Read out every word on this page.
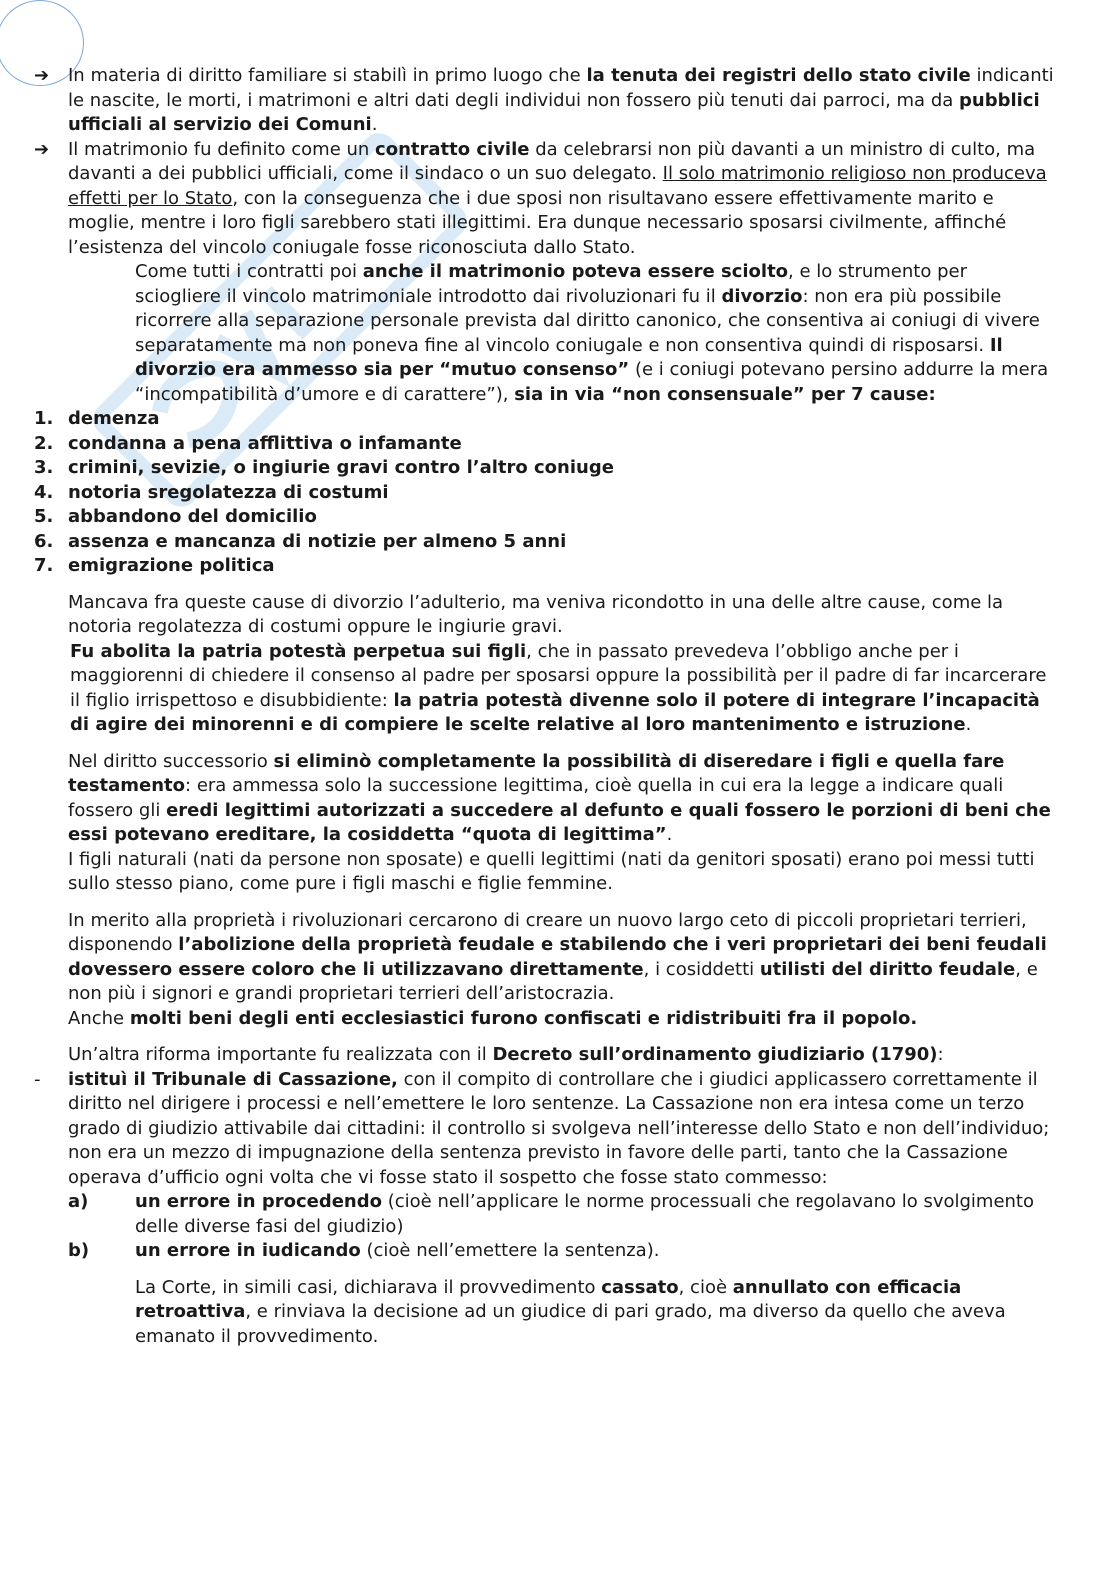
➔ In materia di diritto familiare si stabilì in primo luogo che la tenuta dei registri dello stato civile indicanti le nascite, le morti, i matrimoni e altri dati degli individui non fossero più tenuti dai parroci, ma da pubblici ufficiali al servizio dei Comuni.
➔ Il matrimonio fu definito come un contratto civile da celebrarsi non più davanti a un ministro di culto, ma davanti a dei pubblici ufficiali, come il sindaco o un suo delegato. Il solo matrimonio religioso non produceva effetti per lo Stato, con la conseguenza che i due sposi non risultavano essere effettivamente marito e moglie, mentre i loro figli sarebbero stati illegittimi. Era dunque necessario sposarsi civilmente, affinché l’esistenza del vincolo coniugale fosse riconosciuta dallo Stato.
Come tutti i contratti poi anche il matrimonio poteva essere sciolto, e lo strumento per sciogliere il vincolo matrimoniale introdotto dai rivoluzionari fu il divorzio: non era più possibile ricorrere alla separazione personale prevista dal diritto canonico, che consentiva ai coniugi di vivere separatamente ma non poneva fine al vincolo coniugale e non consentiva quindi di risposarsi. Il divorzio era ammesso sia per “mutuo consenso” (e i coniugi potevano persino addurre la mera “incompatibilità d’umore e di carattere”), sia in via “non consensuale” per 7 cause:
1. demenza
2. condanna a pena afflittiva o infamante
3. crimini, sevizie, o ingiurie gravi contro l’altro coniuge
4. notoria sregolatezza di costumi
5. abbandono del domicilio
6. assenza e mancanza di notizie per almeno 5 anni
7. emigrazione politica
Mancava fra queste cause di divorzio l’adulterio, ma veniva ricondotto in una delle altre cause, come la notoria regolatezza di costumi oppure le ingiurie gravi.
Fu abolita la patria potestà perpetua sui figli, che in passato prevedeva l’obbligo anche per i maggiorenni di chiedere il consenso al padre per sposarsi oppure la possibilità per il padre di far incarcerare il figlio irrispettoso e disubbidiente: la patria potestà divenne solo il potere di integrare l’incapacità di agire dei minorenni e di compiere le scelte relative al loro mantenimento e istruzione.
Nel diritto successorio si eliminò completamente la possibilità di diseredare i figli e quella fare testamento: era ammessa solo la successione legittima, cioè quella in cui era la legge a indicare quali fossero gli eredi legittimi autorizzati a succedere al defunto e quali fossero le porzioni di beni che essi potevano ereditare, la cosiddetta “quota di legittima”.
I figli naturali (nati da persone non sposate) e quelli legittimi (nati da genitori sposati) erano poi messi tutti sullo stesso piano, come pure i figli maschi e figlie femmine.
In merito alla proprietà i rivoluzionari cercarono di creare un nuovo largo ceto di piccoli proprietari terrieri, disponendo l’abolizione della proprietà feudale e stabilendo che i veri proprietari dei beni feudali dovessero essere coloro che li utilizzavano direttamente, i cosiddetti utilisti del diritto feudale, e non più i signori e grandi proprietari terrieri dell’aristocrazia.
Anche molti beni degli enti ecclesiastici furono confiscati e ridistribuiti fra il popolo.
Un’altra riforma importante fu realizzata con il Decreto sull’ordinamento giudiziario (1790):
- istituì il Tribunale di Cassazione, con il compito di controllare che i giudici applicassero correttamente il diritto nel dirigere i processi e nell’emettere le loro sentenze. La Cassazione non era intesa come un terzo grado di giudizio attivabile dai cittadini: il controllo si svolgeva nell’interesse dello Stato e non dell’individuo; non era un mezzo di impugnazione della sentenza previsto in favore delle parti, tanto che la Cassazione operava d’ufficio ogni volta che vi fosse stato il sospetto che fosse stato commesso:
a)	un errore in procedendo (cioè nell’applicare le norme processuali che regolavano lo svolgimento delle diverse fasi del giudizio)
b)	un errore in iudicando (cioè nell’emettere la sentenza).
La Corte, in simili casi, dichiarava il provvedimento cassato, cioè annullato con efficacia retroattiva, e rinviava la decisione ad un giudice di pari grado, ma diverso da quello che aveva emanato il provvedimento.
